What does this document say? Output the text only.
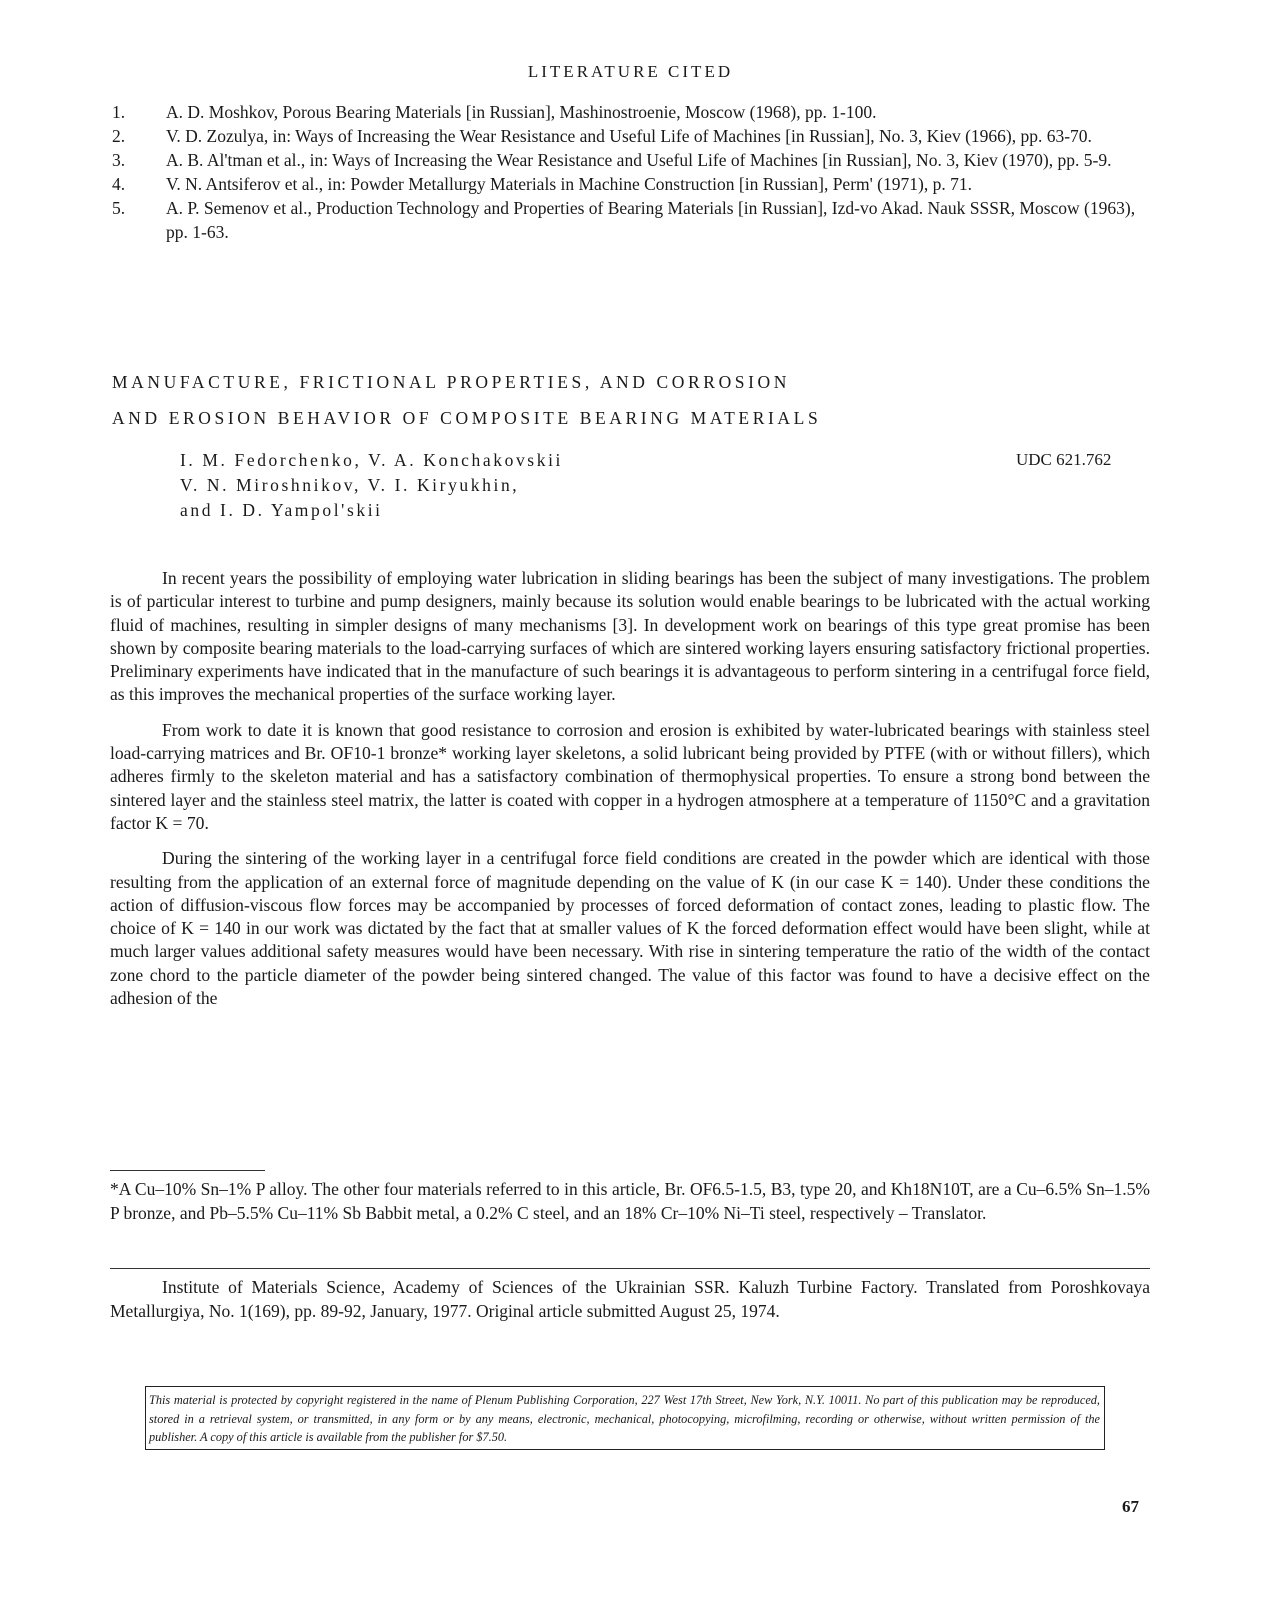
LITERATURE CITED
1. A. D. Moshkov, Porous Bearing Materials [in Russian], Mashinostroenie, Moscow (1968), pp. 1-100.
2. V. D. Zozulya, in: Ways of Increasing the Wear Resistance and Useful Life of Machines [in Russian], No. 3, Kiev (1966), pp. 63-70.
3. A. B. Al'tman et al., in: Ways of Increasing the Wear Resistance and Useful Life of Machines [in Russian], No. 3, Kiev (1970), pp. 5-9.
4. V. N. Antsiferov et al., in: Powder Metallurgy Materials in Machine Construction [in Russian], Perm' (1971), p. 71.
5. A. P. Semenov et al., Production Technology and Properties of Bearing Materials [in Russian], Izd-vo Akad. Nauk SSSR, Moscow (1963), pp. 1-63.
MANUFACTURE, FRICTIONAL PROPERTIES, AND CORROSION
AND EROSION BEHAVIOR OF COMPOSITE BEARING MATERIALS
I. M. Fedorchenko, V. A. Konchakovskii
V. N. Miroshnikov, V. I. Kiryukhin,
and I. D. Yampol'skii
UDC 621.762

In recent years the possibility of employing water lubrication in sliding bearings has been the subject of many investigations. The problem is of particular interest to turbine and pump designers, mainly because its solution would enable bearings to be lubricated with the actual working fluid of machines, resulting in simpler designs of many mechanisms [3]. In development work on bearings of this type great promise has been shown by composite bearing materials to the load-carrying surfaces of which are sintered working layers ensuring satisfactory frictional properties. Preliminary experiments have indicated that in the manufacture of such bearings it is advantageous to perform sintering in a centrifugal force field, as this improves the mechanical properties of the surface working layer.

From work to date it is known that good resistance to corrosion and erosion is exhibited by water-lubricated bearings with stainless steel load-carrying matrices and Br. OF10-1 bronze* working layer skeletons, a solid lubricant being provided by PTFE (with or without fillers), which adheres firmly to the skeleton material and has a satisfactory combination of thermophysical properties. To ensure a strong bond between the sintered layer and the stainless steel matrix, the latter is coated with copper in a hydrogen atmosphere at a temperature of 1150°C and a gravitation factor K = 70.

During the sintering of the working layer in a centrifugal force field conditions are created in the powder which are identical with those resulting from the application of an external force of magnitude depending on the value of K (in our case K = 140). Under these conditions the action of diffusion-viscous flow forces may be accompanied by processes of forced deformation of contact zones, leading to plastic flow. The choice of K = 140 in our work was dictated by the fact that at smaller values of K the forced deformation effect would have been slight, while at much larger values additional safety measures would have been necessary. With rise in sintering temperature the ratio of the width of the contact zone chord to the particle diameter of the powder being sintered changed. The value of this factor was found to have a decisive effect on the adhesion of the

*A Cu–10% Sn–1% P alloy. The other four materials referred to in this article, Br. OF6.5-1.5, B3, type 20, and Kh18N10T, are a Cu–6.5% Sn–1.5% P bronze, and Pb–5.5% Cu–11% Sb Babbit metal, a 0.2% C steel, and an 18% Cr–10% Ni–Ti steel, respectively – Translator.
Institute of Materials Science, Academy of Sciences of the Ukrainian SSR. Kaluzh Turbine Factory. Translated from Poroshkovaya Metallurgiya, No. 1(169), pp. 89-92, January, 1977. Original article submitted August 25, 1974.
This material is protected by copyright registered in the name of Plenum Publishing Corporation, 227 West 17th Street, New York, N.Y. 10011. No part of this publication may be reproduced, stored in a retrieval system, or transmitted, in any form or by any means, electronic, mechanical, photocopying, microfilming, recording or otherwise, without written permission of the publisher. A copy of this article is available from the publisher for $7.50.
67
